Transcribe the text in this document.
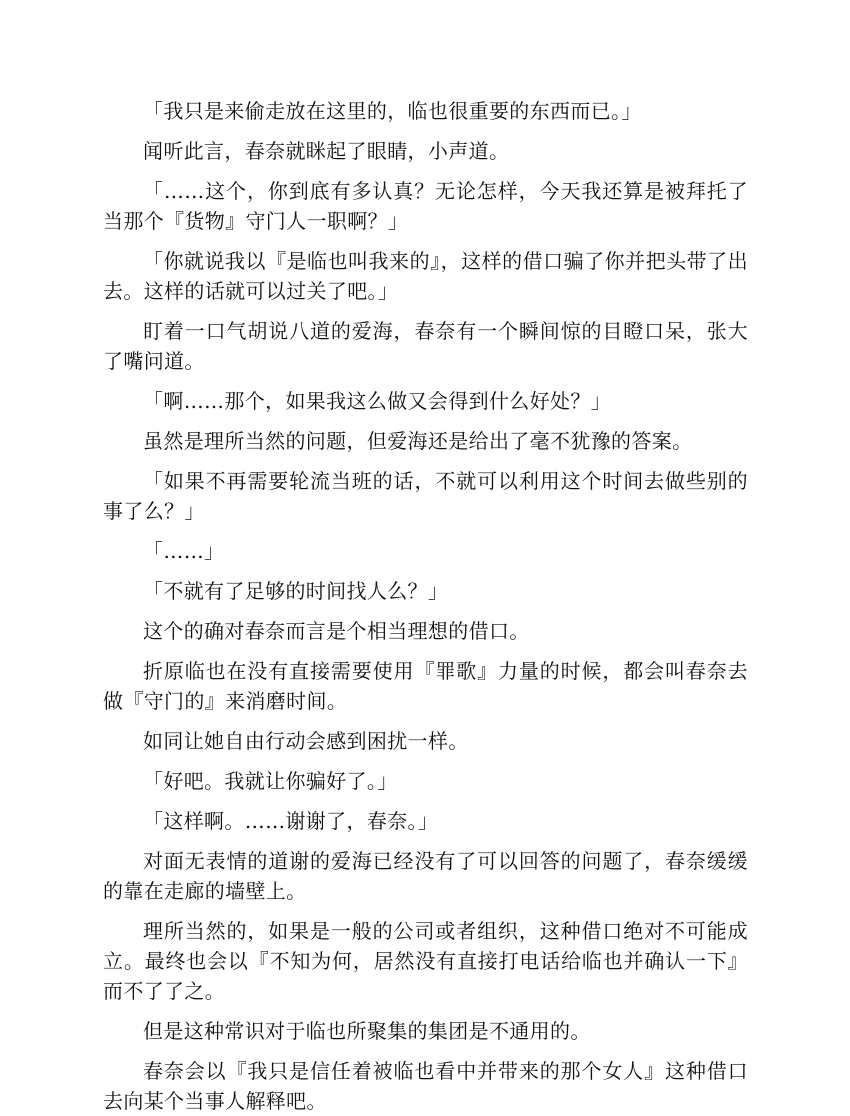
「我只是来偷走放在这里的，临也很重要的东西而已。」

闻听此言，春奈就眯起了眼睛，小声道。

「……这个，你到底有多认真？无论怎样，今天我还算是被拜托了当那个『货物』守门人一职啊？」

「你就说我以『是临也叫我来的』，这样的借口骗了你并把头带了出去。这样的话就可以过关了吧。」

盯着一口气胡说八道的爱海，春奈有一个瞬间惊的目瞪口呆，张大了嘴问道。

「啊……那个，如果我这么做又会得到什么好处？」

虽然是理所当然的问题，但爱海还是给出了毫不犹豫的答案。

「如果不再需要轮流当班的话，不就可以利用这个时间去做些别的事了么？」

「……」

「不就有了足够的时间找人么？」

这个的确对春奈而言是个相当理想的借口。

折原临也在没有直接需要使用『罪歌』力量的时候，都会叫春奈去做『守门的』来消磨时间。

如同让她自由行动会感到困扰一样。

「好吧。我就让你骗好了。」

「这样啊。……谢谢了，春奈。」

对面无表情的道谢的爱海已经没有了可以回答的问题了，春奈缓缓的靠在走廊的墙壁上。

理所当然的，如果是一般的公司或者组织，这种借口绝对不可能成立。最终也会以『不知为何，居然没有直接打电话给临也并确认一下』而不了了之。

但是这种常识对于临也所聚集的集团是不通用的。

春奈会以『我只是信任着被临也看中并带来的那个女人』这种借口去向某个当事人解释吧。
